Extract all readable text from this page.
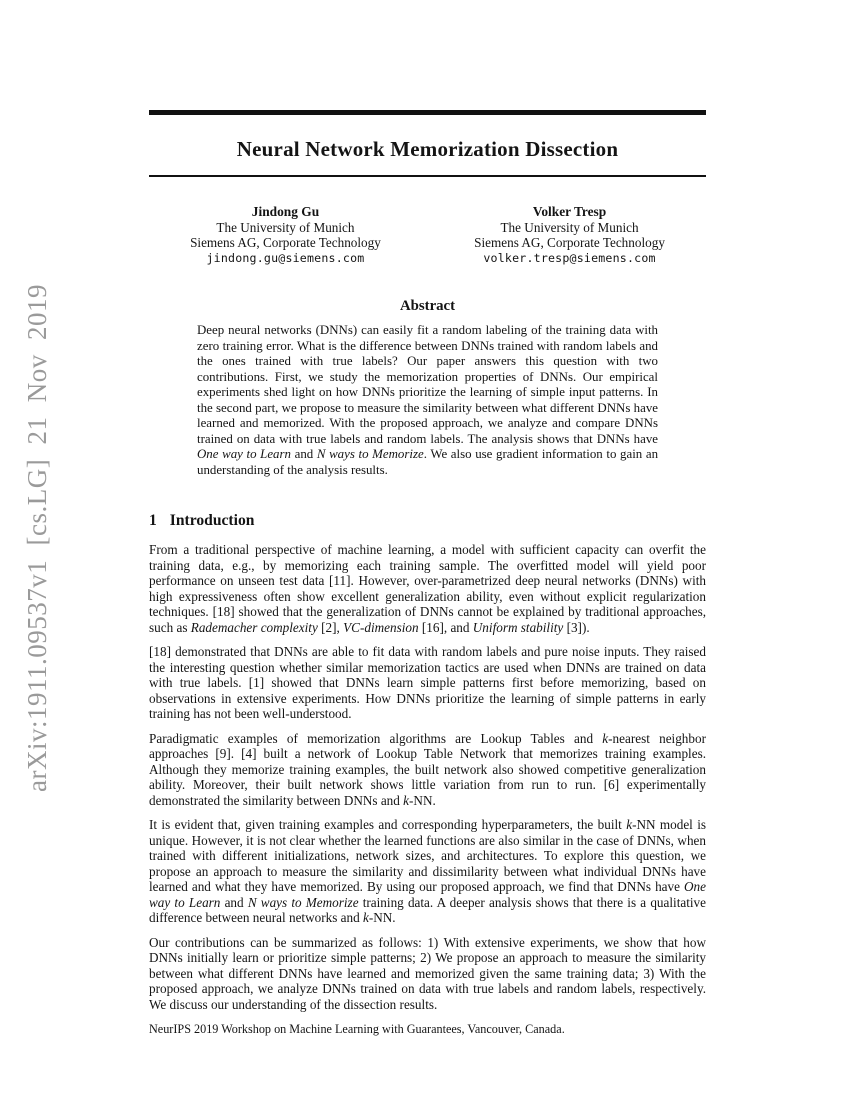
arXiv:1911.09537v1 [cs.LG] 21 Nov 2019
Neural Network Memorization Dissection
Jindong Gu
The University of Munich
Siemens AG, Corporate Technology
jindong.gu@siemens.com
Volker Tresp
The University of Munich
Siemens AG, Corporate Technology
volker.tresp@siemens.com
Abstract
Deep neural networks (DNNs) can easily fit a random labeling of the training data with zero training error. What is the difference between DNNs trained with random labels and the ones trained with true labels? Our paper answers this question with two contributions. First, we study the memorization properties of DNNs. Our empirical experiments shed light on how DNNs prioritize the learning of simple input patterns. In the second part, we propose to measure the similarity between what different DNNs have learned and memorized. With the proposed approach, we analyze and compare DNNs trained on data with true labels and random labels. The analysis shows that DNNs have One way to Learn and N ways to Memorize. We also use gradient information to gain an understanding of the analysis results.
1 Introduction

From a traditional perspective of machine learning, a model with sufficient capacity can overfit the training data, e.g., by memorizing each training sample. The overfitted model will yield poor performance on unseen test data [11]. However, over-parametrized deep neural networks (DNNs) with high expressiveness often show excellent generalization ability, even without explicit regularization techniques. [18] showed that the generalization of DNNs cannot be explained by traditional approaches, such as Rademacher complexity [2], VC-dimension [16], and Uniform stability [3]).

[18] demonstrated that DNNs are able to fit data with random labels and pure noise inputs. They raised the interesting question whether similar memorization tactics are used when DNNs are trained on data with true labels. [1] showed that DNNs learn simple patterns first before memorizing, based on observations in extensive experiments. How DNNs prioritize the learning of simple patterns in early training has not been well-understood.

Paradigmatic examples of memorization algorithms are Lookup Tables and k-nearest neighbor approaches [9]. [4] built a network of Lookup Table Network that memorizes training examples. Although they memorize training examples, the built network also showed competitive generalization ability. Moreover, their built network shows little variation from run to run. [6] experimentally demonstrated the similarity between DNNs and k-NN.

It is evident that, given training examples and corresponding hyperparameters, the built k-NN model is unique. However, it is not clear whether the learned functions are also similar in the case of DNNs, when trained with different initializations, network sizes, and architectures. To explore this question, we propose an approach to measure the similarity and dissimilarity between what individual DNNs have learned and what they have memorized. By using our proposed approach, we find that DNNs have One way to Learn and N ways to Memorize training data. A deeper analysis shows that there is a qualitative difference between neural networks and k-NN.

Our contributions can be summarized as follows: 1) With extensive experiments, we show that how DNNs initially learn or prioritize simple patterns; 2) We propose an approach to measure the similarity between what different DNNs have learned and memorized given the same training data; 3) With the proposed approach, we analyze DNNs trained on data with true labels and random labels, respectively. We discuss our understanding of the dissection results.

NeurIPS 2019 Workshop on Machine Learning with Guarantees, Vancouver, Canada.
